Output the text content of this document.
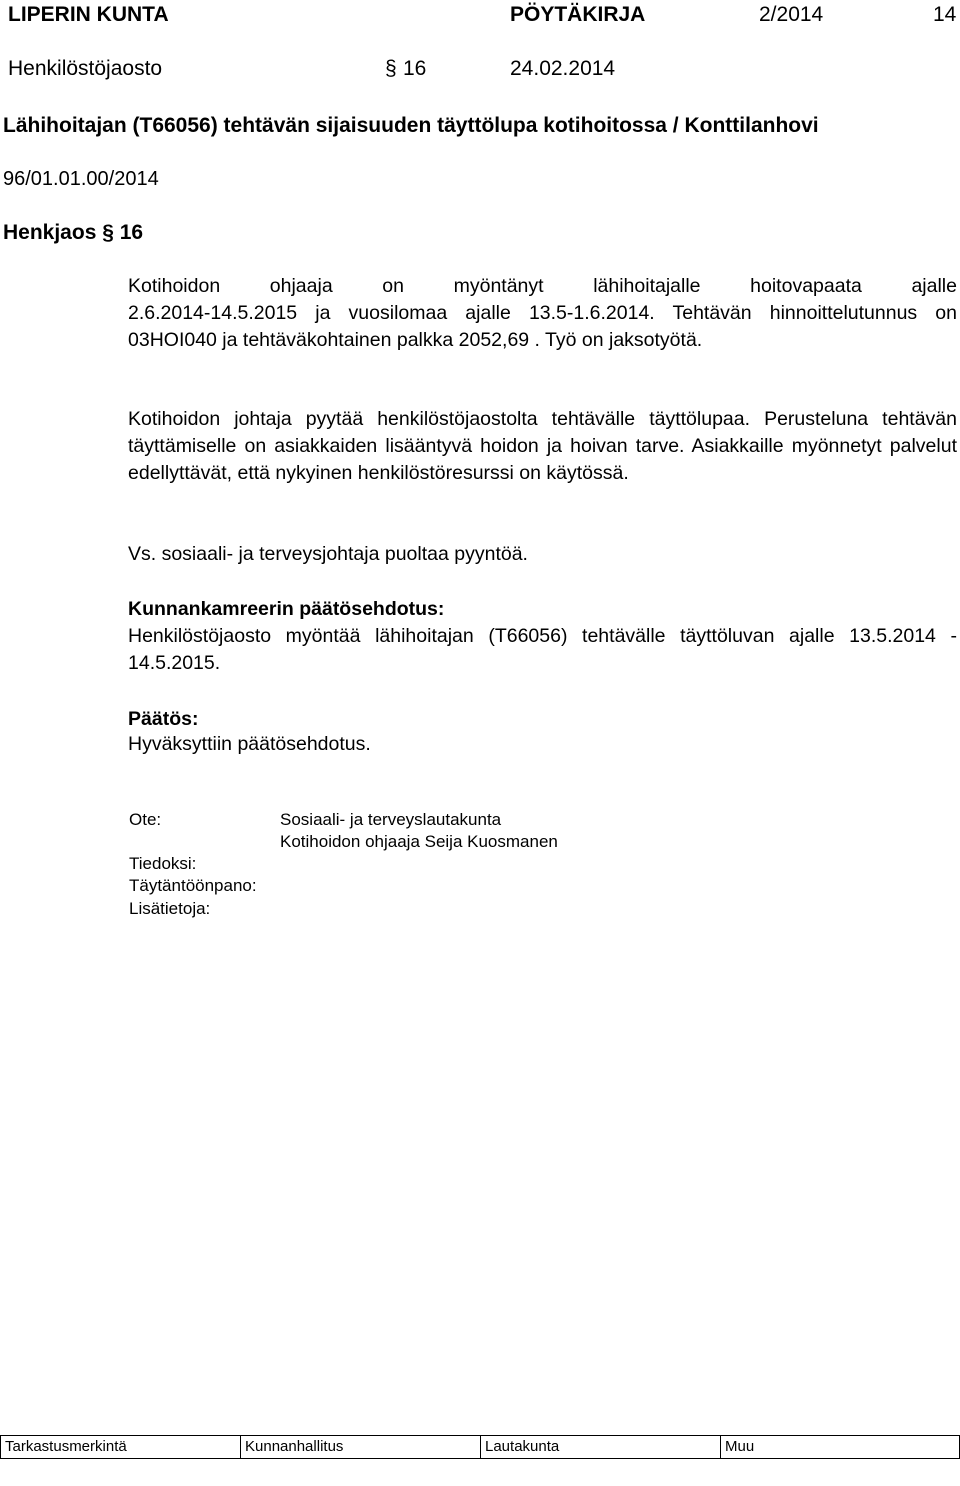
LIPERIN KUNTA	PÖYTÄKIRJA	2/2014	14
Henkilöstöjaosto	§ 16	24.02.2014
Lähihoitajan (T66056) tehtävän sijaisuuden täyttölupa kotihoitossa / Konttilanhovi
96/01.01.00/2014
Henkjaos § 16
Kotihoidon ohjaaja on myöntänyt lähihoitajalle hoitovapaata ajalle
2.6.2014-14.5.2015 ja vuosilomaa ajalle 13.5-1.6.2014. Tehtävän hinnoittelutunnus on 03HOI040 ja tehtäväkohtainen palkka 2052,69 . Työ on jaksotyötä.
Kotihoidon johtaja pyytää henkilöstöjaostolta tehtävälle täyttölupaa. Perusteluna tehtävän täyttämiselle on asiakkaiden lisääntyvä hoidon ja hoivan tarve. Asiakkaille myönnetyt palvelut edellyttävät, että nykyinen henkilöstöresurssi on käytössä.
Vs. sosiaali- ja terveysjohtaja puoltaa pyyntöä.
Kunnankamreerin päätösehdotus:
Henkilöstöjaosto myöntää lähihoitajan (T66056) tehtävälle täyttöluvan ajalle 13.5.2014 - 14.5.2015.
Päätös:
Hyväksyttiin päätösehdotus.
Ote:	Sosiaali- ja terveyslautakunta
Kotihoidon ohjaaja Seija Kuosmanen
Tiedoksi:
Täytäntöönpano:
Lisätietoja:
Tarkastusmerkintä	Kunnanhallitus	Lautakunta	Muu
